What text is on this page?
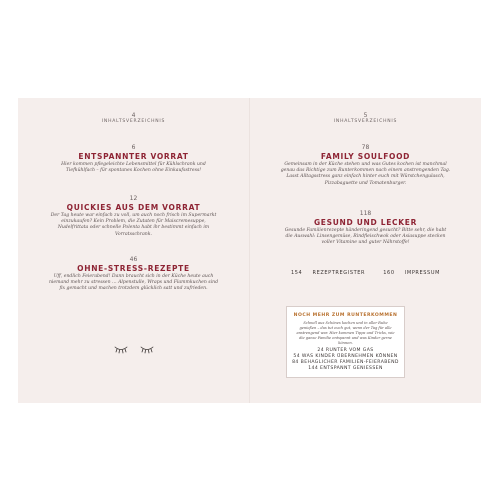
4
INHALTSVERZEICHNIS
6
ENTSPANNTER VORRAT
Hier kommen pflegeleichte Lebensmittel für Kühlschrank und Tiefkühlfach – für spontanes Kochen ohne Einkaufsstress!
12
QUICKIES AUS DEM VORRAT
Der Tag heute war einfach zu voll, um auch noch frisch im Supermarkt einzukaufen? Kein Problem, die Zutaten für Maiscremesuppe, Nudelfrittata oder schnelle Polenta habt ihr bestimmt einfach im Vorratsschrank.
46
OHNE-STRESS-REZEPTE
Uff, endlich Feierabend! Dann braucht sich in der Küche heute auch niemand mehr zu stressen … Alpenstulle, Wraps und Flammkuchen sind fix gemacht und machen trotzdem glücklich satt und zufrieden.
5
INHALTSVERZEICHNIS
78
FAMILY SOULFOOD
Gemeinsam in der Küche stehen und was Gutes kochen ist manchmal genau das Richtige zum Runterkommen nach einem anstrengenden Tag. Lasst Alltagsstress ganz einfach hinter euch mit Würstchengulasch, Pizzabaguette und Tomatenburger.
118
GESUND UND LECKER
Gesunde Familienrezepte händeringend gesucht? Bitte sehr, die habt die Auswahl: Linsengemüse, Rindfleischwok oder Asiasuppe stecken voller Vitamine und guter Nährstoffe!
154 REZEPTREGISTER	160 IMPRESSUM
NOCH MEHR ZUM RUNTERKOMMEN
Schnell aus Schönes kochen und in aller Ruhe genießen – das tut euch gut, wenn der Tag für alle anstrengend war. Hier kommen Tipps und Tricks, wie die ganze Familie entspannt und was Kinder gerne können.
24 RUNTER VOM GAS
54 WAS KINDER ÜBERNEHMEN KÖNNEN
84 BEHAGLICHER FAMILIEN-FEIERABEND
144 ENTSPANNT GENIESSEN
